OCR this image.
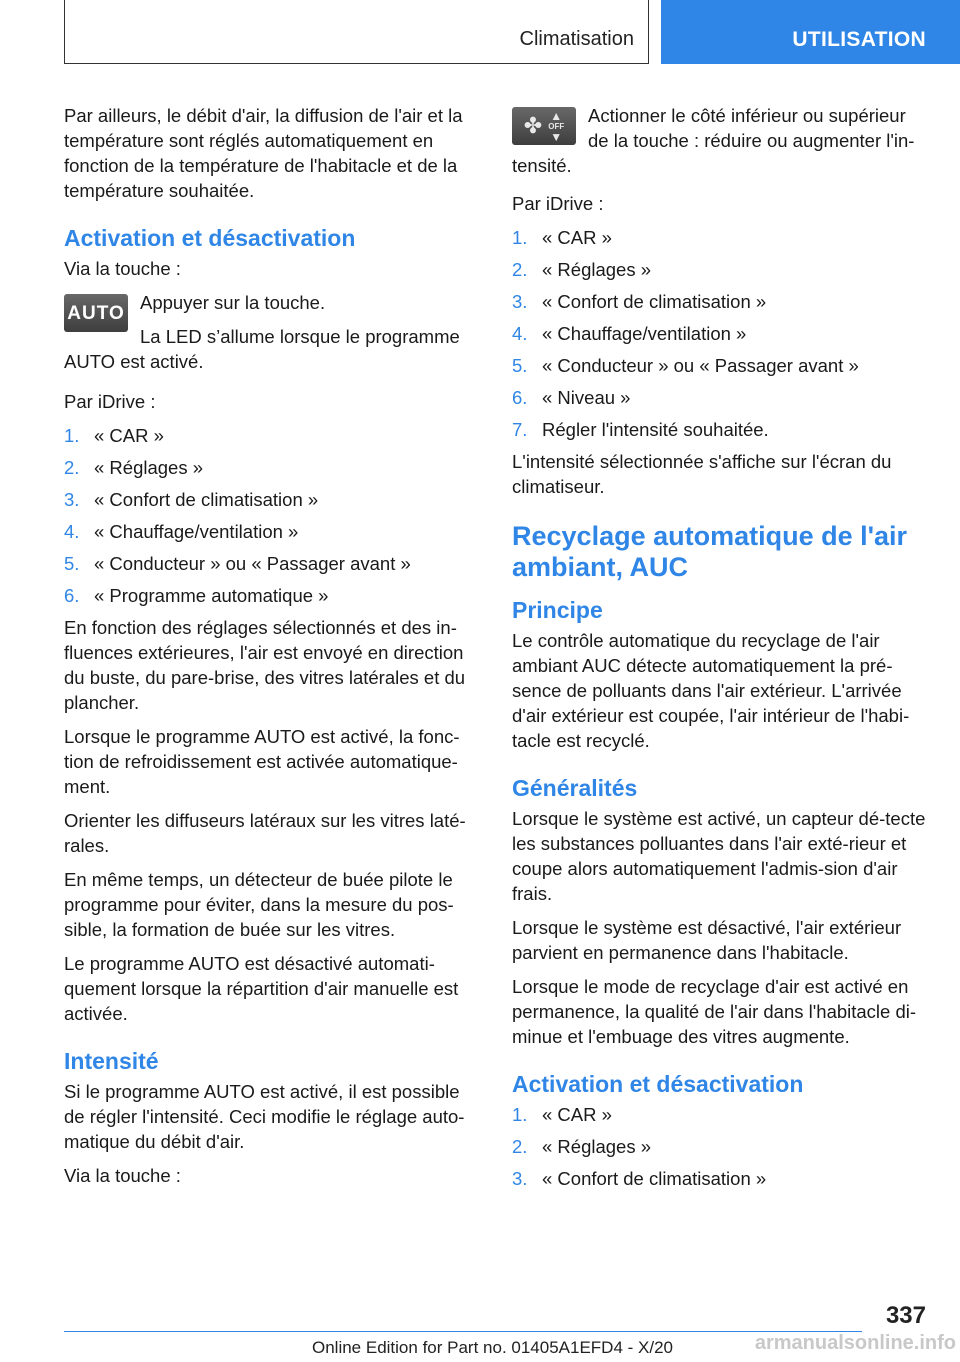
Climatisation	UTILISATION

Par ailleurs, le débit d'air, la diffusion de l'air et la température sont réglés automatiquement en fonction de la température de l'habitacle et de la température souhaitée.

Activation et désactivation

Via la touche :

AUTO Appuyer sur la touche.

La LED s’allume lorsque le programme AUTO est activé.

Par iDrive :

1. « CAR »
2. « Réglages »
3. « Confort de climatisation »
4. « Chauffage/ventilation »
5. « Conducteur » ou « Passager avant »
6. « Programme automatique »

En fonction des réglages sélectionnés et des in-fluences extérieures, l'air est envoyé en direction du buste, du pare-brise, des vitres latérales et du plancher.

Lorsque le programme AUTO est activé, la fonc-tion de refroidissement est activée automatique-ment.

Orienter les diffuseurs latéraux sur les vitres laté-rales.

En même temps, un détecteur de buée pilote le programme pour éviter, dans la mesure du pos-sible, la formation de buée sur les vitres.

Le programme AUTO est désactivé automati-quement lorsque la répartition d'air manuelle est activée.

Intensité

Si le programme AUTO est activé, il est possible de régler l'intensité. Ceci modifie le réglage auto-matique du débit d'air.

Via la touche :

✤ ▲
OFF
▼

Actionner le côté inférieur ou supérieur de la touche : réduire ou augmenter l'in-tensité.

Par iDrive :

1. « CAR »
2. « Réglages »
3. « Confort de climatisation »
4. « Chauffage/ventilation »
5. « Conducteur » ou « Passager avant »
6. « Niveau »
7. Régler l'intensité souhaitée.

L'intensité sélectionnée s'affiche sur l'écran du climatiseur.

Recyclage automatique de l'air ambiant, AUC
Principe

Le contrôle automatique du recyclage de l'air ambiant AUC détecte automatiquement la pré-sence de polluants dans l'air extérieur. L'arrivée d'air extérieur est coupée, l'air intérieur de l'habi-tacle est recyclé.

Généralités

Lorsque le système est activé, un capteur dé-tecte les substances polluantes dans l'air exté-rieur et coupe alors automatiquement l'admis-sion d'air frais.

Lorsque le système est désactivé, l'air extérieur parvient en permanence dans l'habitacle.

Lorsque le mode de recyclage d'air est activé en permanence, la qualité de l'air dans l'habitacle di-minue et l'embuage des vitres augmente.

Activation et désactivation
1. « CAR »
2. « Réglages »
3. « Confort de climatisation »
337
Online Edition for Part no. 01405A1EFD4 - X/20	armanualsonline.info
